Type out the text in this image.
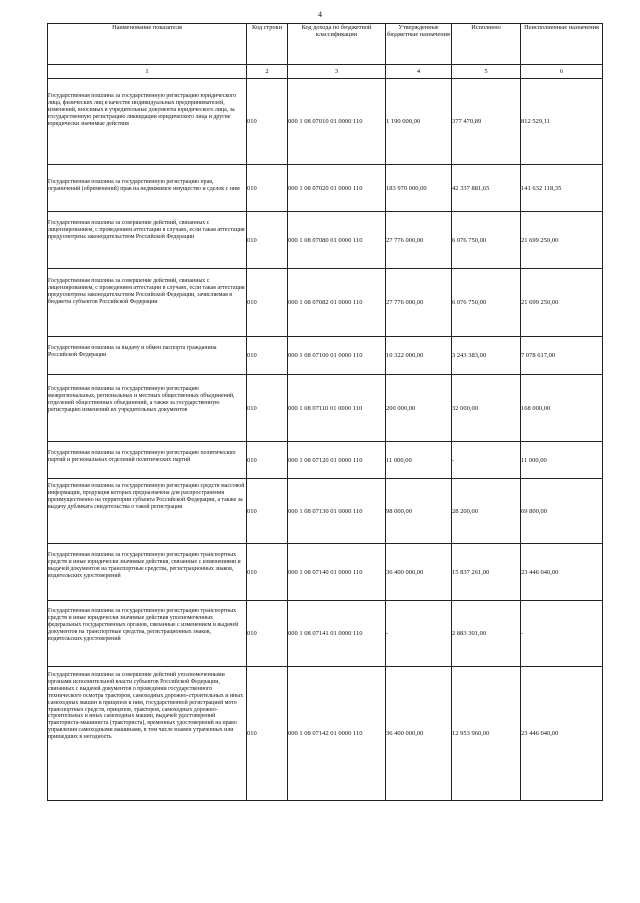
4
Наименование показателя	Код строки	Код дохода по бюджетной классификации	Утвержденные бюджетные назначения	Исполнено	Неисполненные назначения
1	2	3	4	5	6

Государственная пошлина за государственную регистрацию юридического лица, физических лиц в качестве индивидуальных предпринимателей, изменений, вносимых в учредительные документы юридического лица, за государственную регистрацию ликвидации юридического лица и другие юридически значимые действия	010	000 1 08 07010 01 0000 110	1 190 000,00	377 470,89	812 529,11

Государственная пошлина за государственную регистрацию прав, ограничений (обременений) прав на недвижимое имущество и сделок с ним	010	000 1 08 07020 01 0000 110	183 970 000,00	42 337 881,65	141 632 118,35

Государственная пошлина за совершение действий, связанных с лицензированием, с проведением аттестации в случаях, если такая аттестация предусмотрена законодательством Российской Федерации	010	000 1 08 07080 01 0000 110	27 776 000,00	6 076 750,00	21 699 250,00

Государственная пошлина за совершение действий, связанных с лицензированием, с проведением аттестации в случаях, если такая аттестация предусмотрена законодательством Российской Федерации, зачисляемая в бюджеты субъектов Российской Федерации	010	000 1 08 07082 01 0000 110	27 776 000,00	6 076 750,00	21 699 250,00

Государственная пошлина за выдачу и обмен паспорта гражданина Российской Федерации	010	000 1 08 07100 01 0000 110	10 322 000,00	3 243 383,00	7 078 617,00

Государственная пошлина за государственную регистрацию межрегиональных, региональных и местных общественных объединений, отделений общественных объединений, а также за государственную регистрацию изменений их учредительных документов	010	000 1 08 07110 01 0000 110	200 000,00	32 000,00	168 000,00

Государственная пошлина за государственную регистрацию политических партий и региональных отделений политических партий	010	000 1 08 07120 01 0000 110	11 000,00	-	11 000,00

Государственная пошлина за государственную регистрацию средств массовой информации, продукция которых предназначена для распространения преимущественно на территории субъекта Российской Федерации, а также за выдачу дубликата свидетельства о такой регистрации	010	000 1 08 07130 01 0000 110	98 000,00	28 200,00	69 800,00

Государственная пошлина за государственную регистрацию транспортных средств и иные юридически значимые действия, связанные с изменениями и выдачей документов на транспортные средства, регистрационных знаков, водительских удостоверений	010	000 1 08 07140 01 0000 110	36 400 000,00	15 837 261,00	23 446 040,00

Государственная пошлина за государственную регистрацию транспортных средств и иные юридически значимые действия уполномоченных федеральных государственных органов, связанные с изменением и выдачей документов на транспортные средства, регистрационных знаков, водительских удостоверений	010	000 1 08 07141 01 0000 110	-	2 883 301,00	-

Государственная пошлина за совершение действий уполномоченными органами исполнительной власти субъектов Российской Федерации, связанных с выдачей документов о проведении государственного технического осмотра тракторов, самоходных дорожно-строительных и иных самоходных машин и прицепов к ним, государственной регистрацией мото транспортных средств, прицепов, тракторов, самоходных дорожно-строительных и иных самоходных машин, выдачей удостоверений тракториста-машиниста (тракториста), временных удостоверений на право управления самоходными машинами, в том числе взамен утраченных или пришедших в негодность	010	000 1 08 07142 01 0000 110	36 400 000,00	12 953 960,00	23 446 040,00
